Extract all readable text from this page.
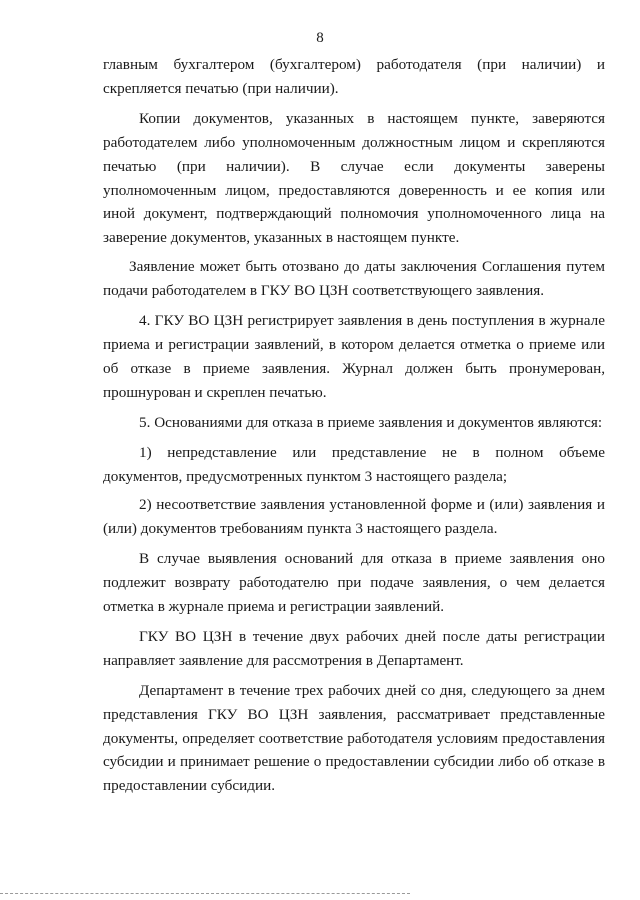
8

главным бухгалтером (бухгалтером) работодателя (при наличии) и скрепляется печатью (при наличии).

Копии документов, указанных в настоящем пункте, заверяются работодателем либо уполномоченным должностным лицом и скрепляются печатью (при наличии). В случае если документы заверены уполномоченным лицом, предоставляются доверенность и ее копия или иной документ, подтверждающий полномочия уполномоченного лица на заверение документов, указанных в настоящем пункте.

Заявление может быть отозвано до даты заключения Соглашения путем подачи работодателем в ГКУ ВО ЦЗН соответствующего заявления.

4. ГКУ ВО ЦЗН регистрирует заявления в день поступления в журнале приема и регистрации заявлений, в котором делается отметка о приеме или об отказе в приеме заявления. Журнал должен быть пронумерован, прошнурован и скреплен печатью.

5. Основаниями для отказа в приеме заявления и документов являются:

1) непредставление или представление не в полном объеме документов, предусмотренных пунктом 3 настоящего раздела;

2) несоответствие заявления установленной форме и (или) заявления и (или) документов требованиям пункта 3 настоящего раздела.

В случае выявления оснований для отказа в приеме заявления оно подлежит возврату работодателю при подаче заявления, о чем делается отметка в журнале приема и регистрации заявлений.

ГКУ ВО ЦЗН в течение двух рабочих дней после даты регистрации направляет заявление для рассмотрения в Департамент.

Департамент в течение трех рабочих дней со дня, следующего за днем представления ГКУ ВО ЦЗН заявления, рассматривает представленные документы, определяет соответствие работодателя условиям предоставления субсидии и принимает решение о предоставлении субсидии либо об отказе в предоставлении субсидии.
